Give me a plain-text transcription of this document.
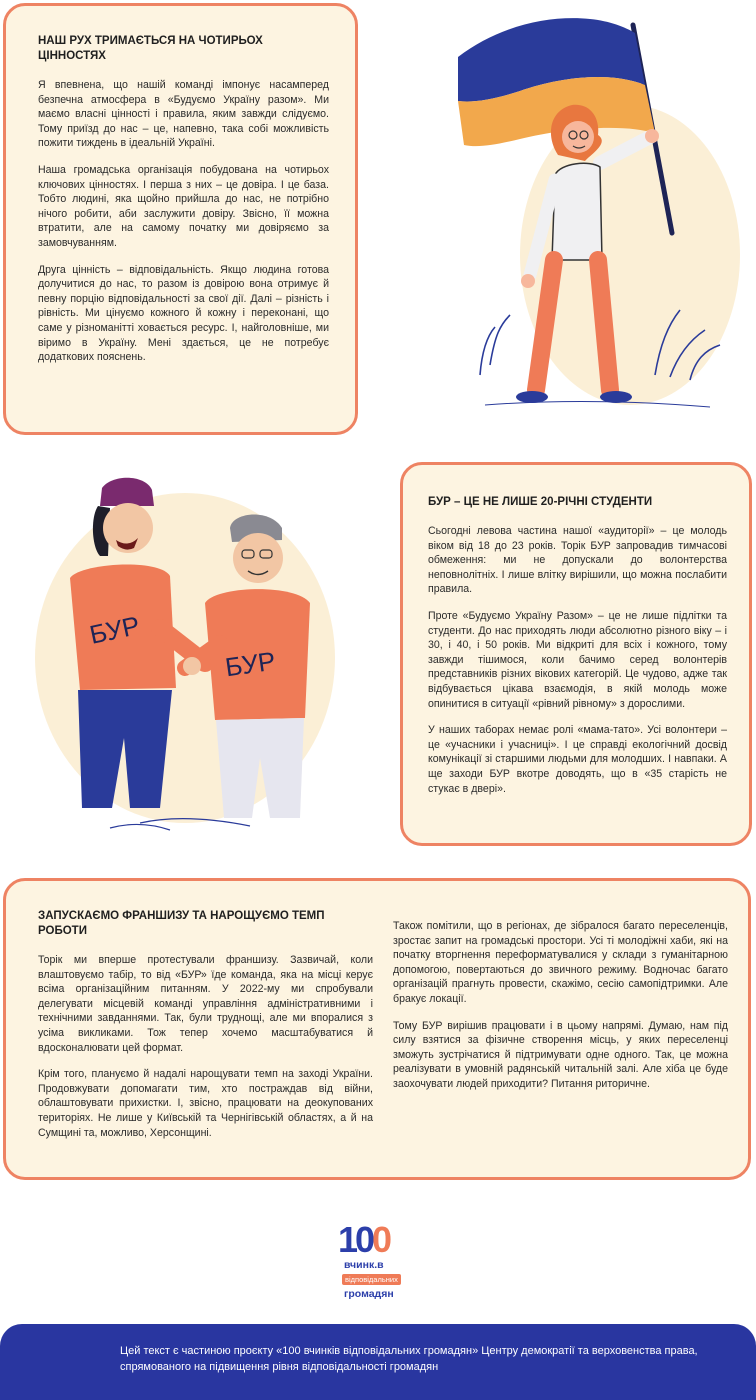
НАШ РУХ ТРИМАЄТЬСЯ НА ЧОТИРЬОХ ЦІННОСТЯХ

Я впевнена, що нашій команді імпонує насамперед безпечна атмосфера в «Будуємо Україну разом». Ми маємо власні цінності і правила, яким завжди слідуємо. Тому приїзд до нас – це, напевно, така собі можливість пожити тиждень в ідеальній Україні.

Наша громадська організація побудована на чотирьох ключових цінностях. І перша з них – це довіра. І це база. Тобто людині, яка щойно прийшла до нас, не потрібно нічого робити, аби заслужити довіру. Звісно, її можна втратити, але на самому початку ми довіряємо за замовчуванням.

Друга цінність – відповідальність. Якщо людина готова долучитися до нас, то разом із довірою вона отримує й певну порцію відповідальності за свої дії. Далі – різність і рівність. Ми цінуємо кожного й кожну і переконані, що саме у різноманітті ховається ресурс. І, найголовніше, ми віримо в Україну. Мені здається, це не потребує додаткових пояснень.

БУР
БУР
БУР – ЦЕ НЕ ЛИШЕ 20-РІЧНІ СТУДЕНТИ

Сьогодні левова частина нашої «аудиторії» – це молодь віком від 18 до 23 років. Торік БУР запровадив тимчасові обмеження: ми не допускали до волонтерства неповнолітніх. І лише влітку вирішили, що можна послабити правила.

Проте «Будуємо Україну Разом» – це не лише підлітки та студенти. До нас приходять люди абсолютно різного віку – і 30, і 40, і 50 років. Ми відкриті для всіх і кожного, тому завжди тішимося, коли бачимо серед волонтерів представників різних вікових категорій. Це чудово, адже так відбувається цікава взаємодія, в якій молодь може опинитися в ситуації «рівний рівному» з дорослими.

У наших таборах немає ролі «мама-тато». Усі волонтери – це «учасники і учасниці». І це справді екологічний досвід комунікації зі старшими людьми для молодших. І навпаки. А ще заходи БУР вкотре доводять, що в «35 старість не стукає в двері».

ЗАПУСКАЄМО ФРАНШИЗУ ТА НАРОЩУЄМО ТЕМП РОБОТИ

Торік ми вперше протестували франшизу. Зазвичай, коли влаштовуємо табір, то від «БУР» їде команда, яка на місці керує всіма організаційним питанням. У 2022-му ми спробували делегувати місцевій команді управління адміністративними і технічними завданнями. Так, були труднощі, але ми впоралися з усіма викликами. Тож тепер хочемо масштабуватися й вдосконалювати цей формат.

Крім того, плануємо й надалі нарощувати темп на заході України. Продовжувати допомагати тим, хто постраждав від війни, облаштовувати прихистки. І, звісно, працювати на деокупованих територіях. Не лише у Київській та Чернігівській областях, а й на Сумщині та, можливо, Херсонщині.

Також помітили, що в регіонах, де зібралося багато переселенців, зростає запит на громадські простори. Усі ті молодіжні хаби, які на початку вторгнення переформатувалися у склади з гуманітарною допомогою, повертаються до звичного режиму. Водночас багато організацій прагнуть провести, скажімо, сесію самопідтримки. Але бракує локації.

Тому БУР вирішив працювати і в цьому напрямі. Думаю, нам під силу взятися за фізичне створення місць, у яких переселенці зможуть зустрічатися й підтримувати одне одного. Так, це можна реалізувати в умовній радянській читальній залі. Але хіба це буде заохочувати людей приходити? Питання риторичне.

100
вчинк.в
відповідальних
громадян

Цей текст є частиною проєкту «100 вчинків відповідальних громадян» Центру демократії та верховенства права, спрямованого на підвищення рівня відповідальності громадян
